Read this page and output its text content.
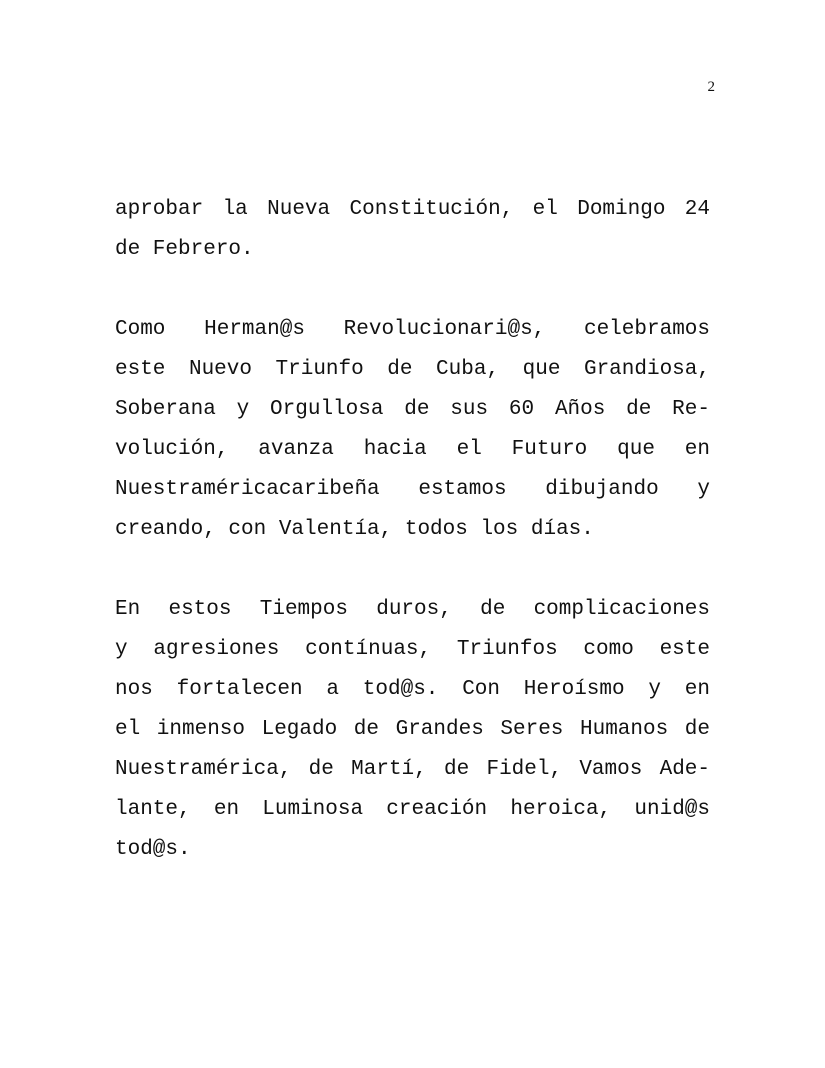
2

aprobar la Nueva Constitución, el Domingo 24
de Febrero.

Como Herman@s Revolucionari@s, celebramos
este Nuevo Triunfo de Cuba, que Grandiosa,
Soberana y Orgullosa de sus 60 Años de Re-
volución, avanza hacia el Futuro que en
Nuestraméricacaribeña estamos dibujando y
creando, con Valentía, todos los días.

En estos Tiempos duros, de complicaciones
y agresiones contínuas, Triunfos como este
nos fortalecen a tod@s. Con Heroísmo y en
el inmenso Legado de Grandes Seres Humanos de
Nuestramérica, de Martí, de Fidel, Vamos Ade-
lante, en Luminosa creación heroica, unid@s
tod@s.
